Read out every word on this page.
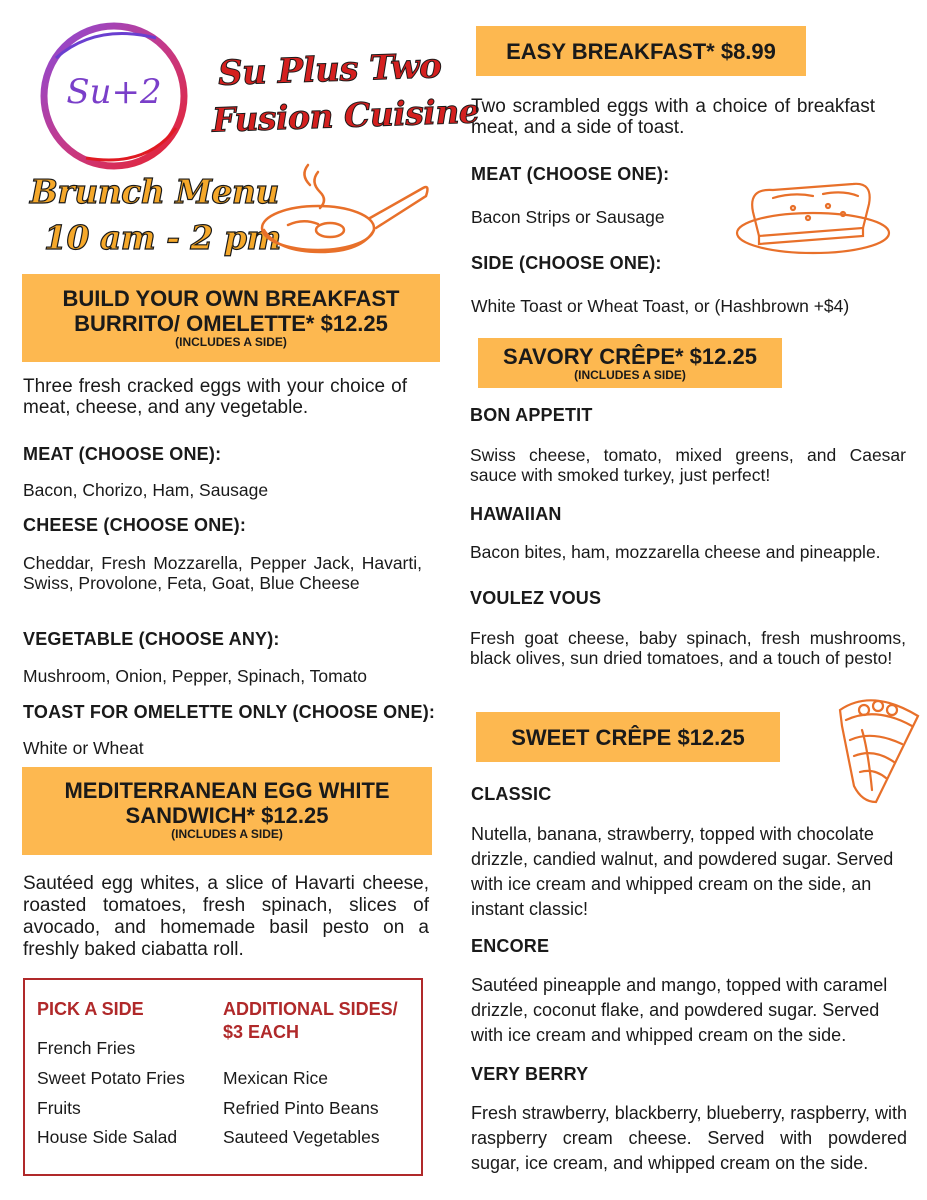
Su+2	Su Plus Two
Fusion Cuisine
Brunch Menu
10 am - 2 pm
BUILD YOUR OWN BREAKFAST
BURRITO/ OMELETTE* $12.25
(INCLUDES A SIDE)
Three fresh cracked eggs with your choice of meat, cheese, and any vegetable.
MEAT (CHOOSE ONE):
Bacon, Chorizo, Ham, Sausage
CHEESE (CHOOSE ONE):
Cheddar, Fresh Mozzarella, Pepper Jack, Havarti, Swiss, Provolone, Feta, Goat, Blue Cheese
VEGETABLE (CHOOSE ANY):
Mushroom, Onion, Pepper, Spinach, Tomato
TOAST FOR OMELETTE ONLY (CHOOSE ONE):
White or Wheat
MEDITERRANEAN EGG WHITE
SANDWICH* $12.25
(INCLUDES A SIDE)
Sautéed egg whites, a slice of Havarti cheese, roasted tomatoes, fresh spinach, slices of avocado, and homemade basil pesto on a freshly baked ciabatta roll.
PICK A SIDE
French Fries
Sweet Potato Fries
Fruits
House Side Salad
ADDITIONAL SIDES/
$3 EACH
Mexican Rice
Refried Pinto Beans
Sauteed Vegetables
EASY BREAKFAST* $8.99
Two scrambled eggs with a choice of breakfast meat, and a side of toast.
MEAT (CHOOSE ONE):
Bacon Strips or Sausage
SIDE (CHOOSE ONE):
White Toast or Wheat Toast, or (Hashbrown +$4)
SAVORY CRÊPE* $12.25
(INCLUDES A SIDE)
BON APPETIT
Swiss cheese, tomato, mixed greens, and Caesar sauce with smoked turkey, just perfect!
HAWAIIAN
Bacon bites, ham, mozzarella cheese and pineapple.
VOULEZ VOUS
Fresh goat cheese, baby spinach, fresh mushrooms, black olives, sun dried tomatoes, and a touch of pesto!
SWEET CRÊPE $12.25
CLASSIC
Nutella, banana, strawberry, topped with chocolate drizzle, candied walnut, and powdered sugar. Served with ice cream and whipped cream on the side, an instant classic!
ENCORE
Sautéed pineapple and mango, topped with caramel drizzle, coconut flake, and powdered sugar. Served with ice cream and whipped cream on the side.
VERY BERRY
Fresh strawberry, blackberry, blueberry, raspberry, with raspberry cream cheese. Served with powdered sugar, ice cream, and whipped cream on the side.
